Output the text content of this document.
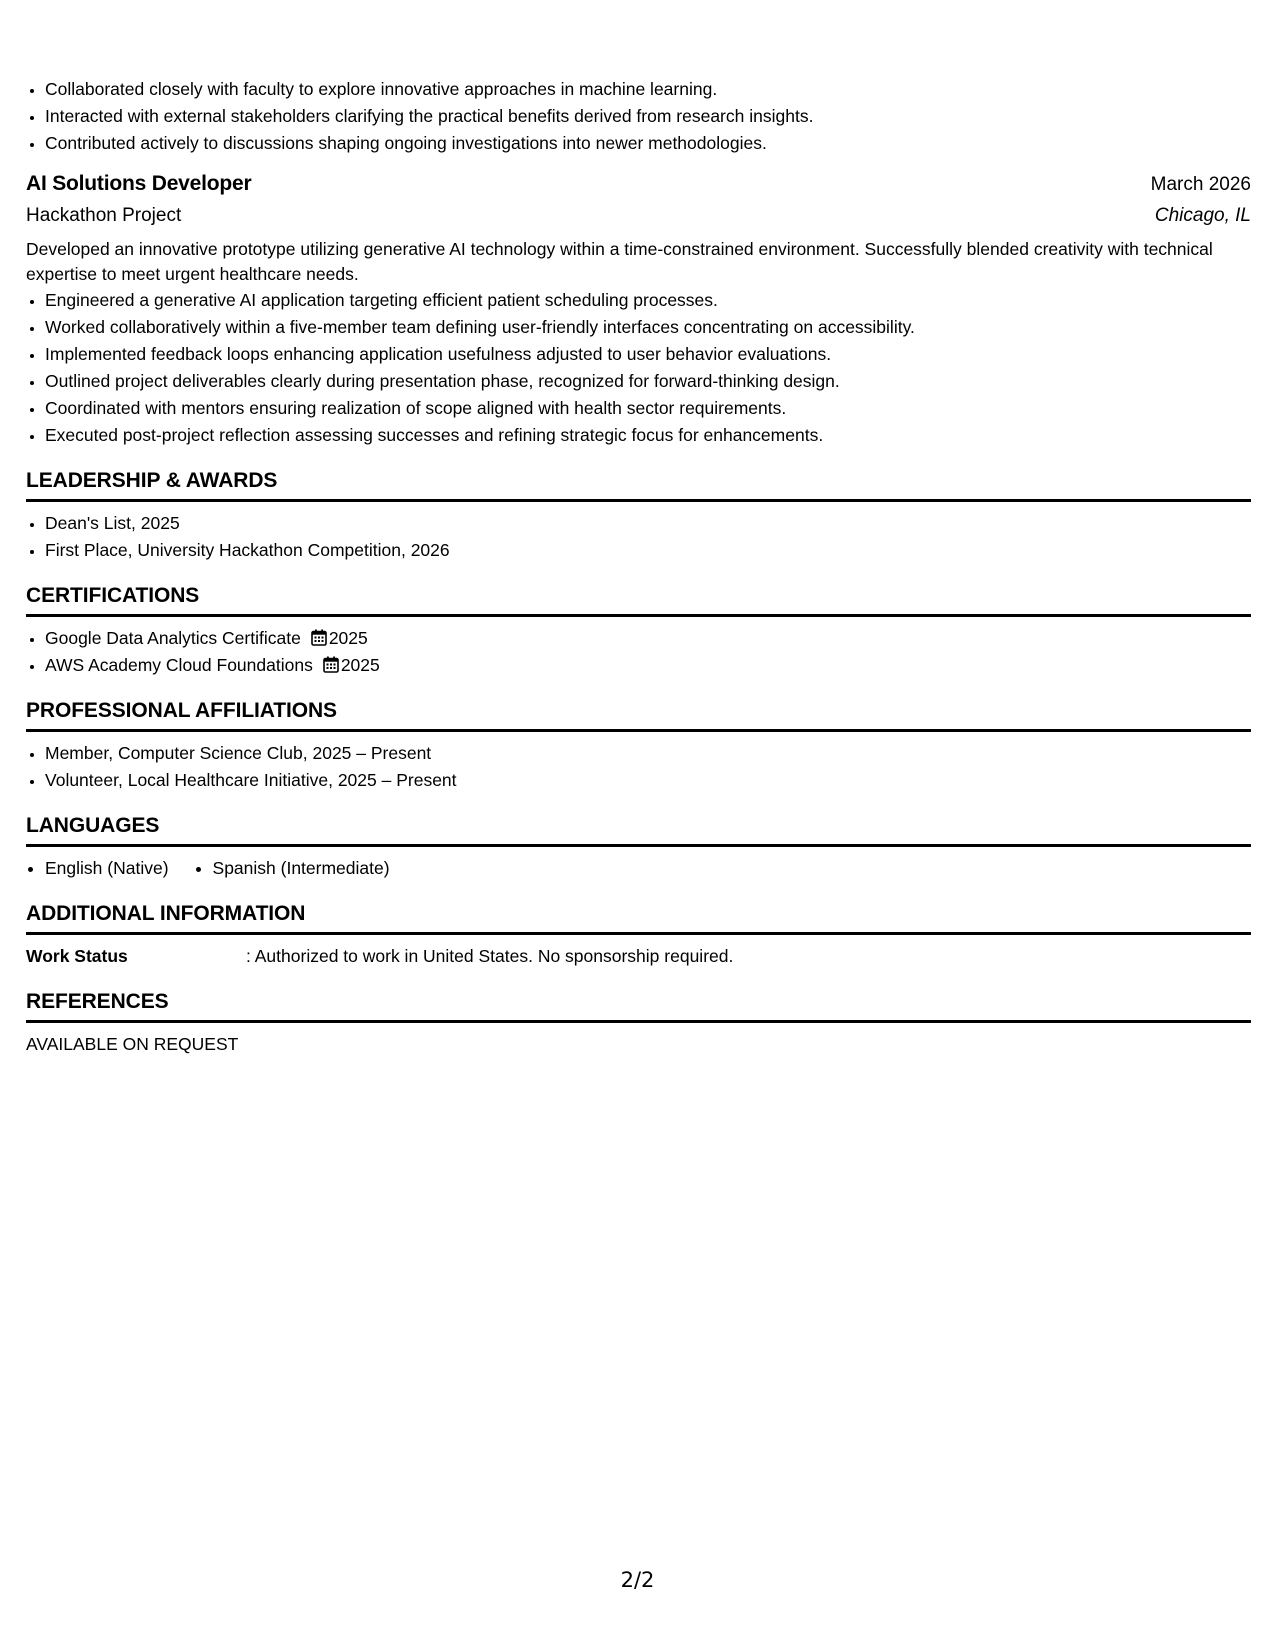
• Collaborated closely with faculty to explore innovative approaches in machine learning.
• Interacted with external stakeholders clarifying the practical benefits derived from research insights.
• Contributed actively to discussions shaping ongoing investigations into newer methodologies.
AI Solutions Developer	March 2026
Hackathon Project	Chicago, IL
Developed an innovative prototype utilizing generative AI technology within a time-constrained environment. Successfully blended creativity with technical expertise to meet urgent healthcare needs.
• Engineered a generative AI application targeting efficient patient scheduling processes.
• Worked collaboratively within a five-member team defining user-friendly interfaces concentrating on accessibility.
• Implemented feedback loops enhancing application usefulness adjusted to user behavior evaluations.
• Outlined project deliverables clearly during presentation phase, recognized for forward-thinking design.
• Coordinated with mentors ensuring realization of scope aligned with health sector requirements.
• Executed post-project reflection assessing successes and refining strategic focus for enhancements.
LEADERSHIP & AWARDS
• Dean's List, 2025
• First Place, University Hackathon Competition, 2026
CERTIFICATIONS
• Google Data Analytics Certificate 2025
• AWS Academy Cloud Foundations 2025
PROFESSIONAL AFFILIATIONS
• Member, Computer Science Club, 2025 – Present
• Volunteer, Local Healthcare Initiative, 2025 – Present
LANGUAGES
• English (Native)
•	Spanish (Intermediate)
ADDITIONAL INFORMATION
Work Status	: Authorized to work in United States. No sponsorship required.
REFERENCES
AVAILABLE ON REQUEST
2/2
